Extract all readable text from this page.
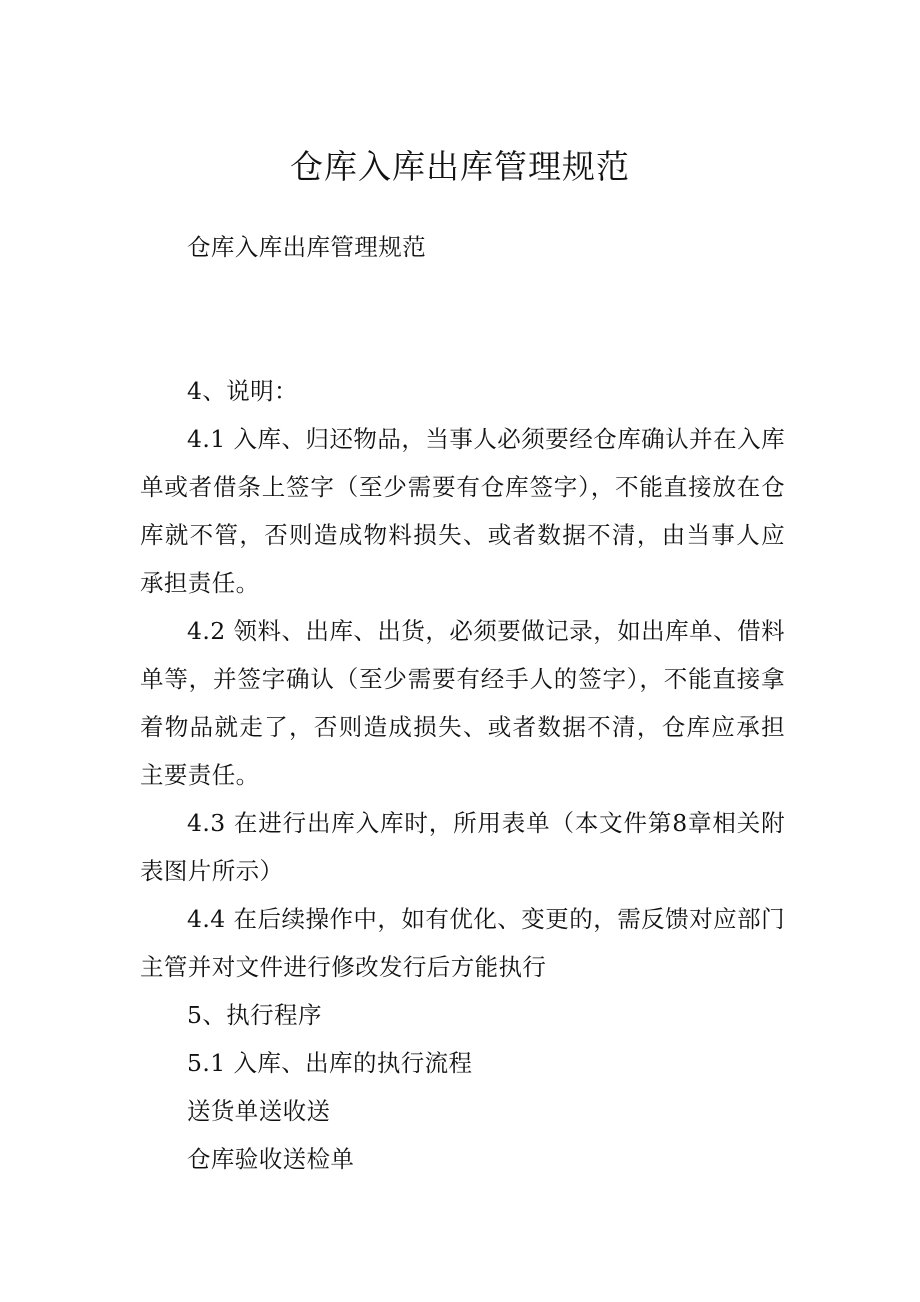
仓库入库出库管理规范

仓库入库出库管理规范

4、说明：

4.1 入库、归还物品，当事人必须要经仓库确认并在入库单或者借条上签字（至少需要有仓库签字），不能直接放在仓库就不管，否则造成物料损失、或者数据不清，由当事人应承担责任。

4.2 领料、出库、出货，必须要做记录，如出库单、借料单等，并签字确认（至少需要有经手人的签字），不能直接拿着物品就走了，否则造成损失、或者数据不清，仓库应承担主要责任。

4.3 在进行出库入库时，所用表单（本文件第8章相关附表图片所示）

4.4 在后续操作中，如有优化、变更的，需反馈对应部门主管并对文件进行修改发行后方能执行

5、执行程序

5.1 入库、出库的执行流程

送货单送收送

仓库验收送检单
